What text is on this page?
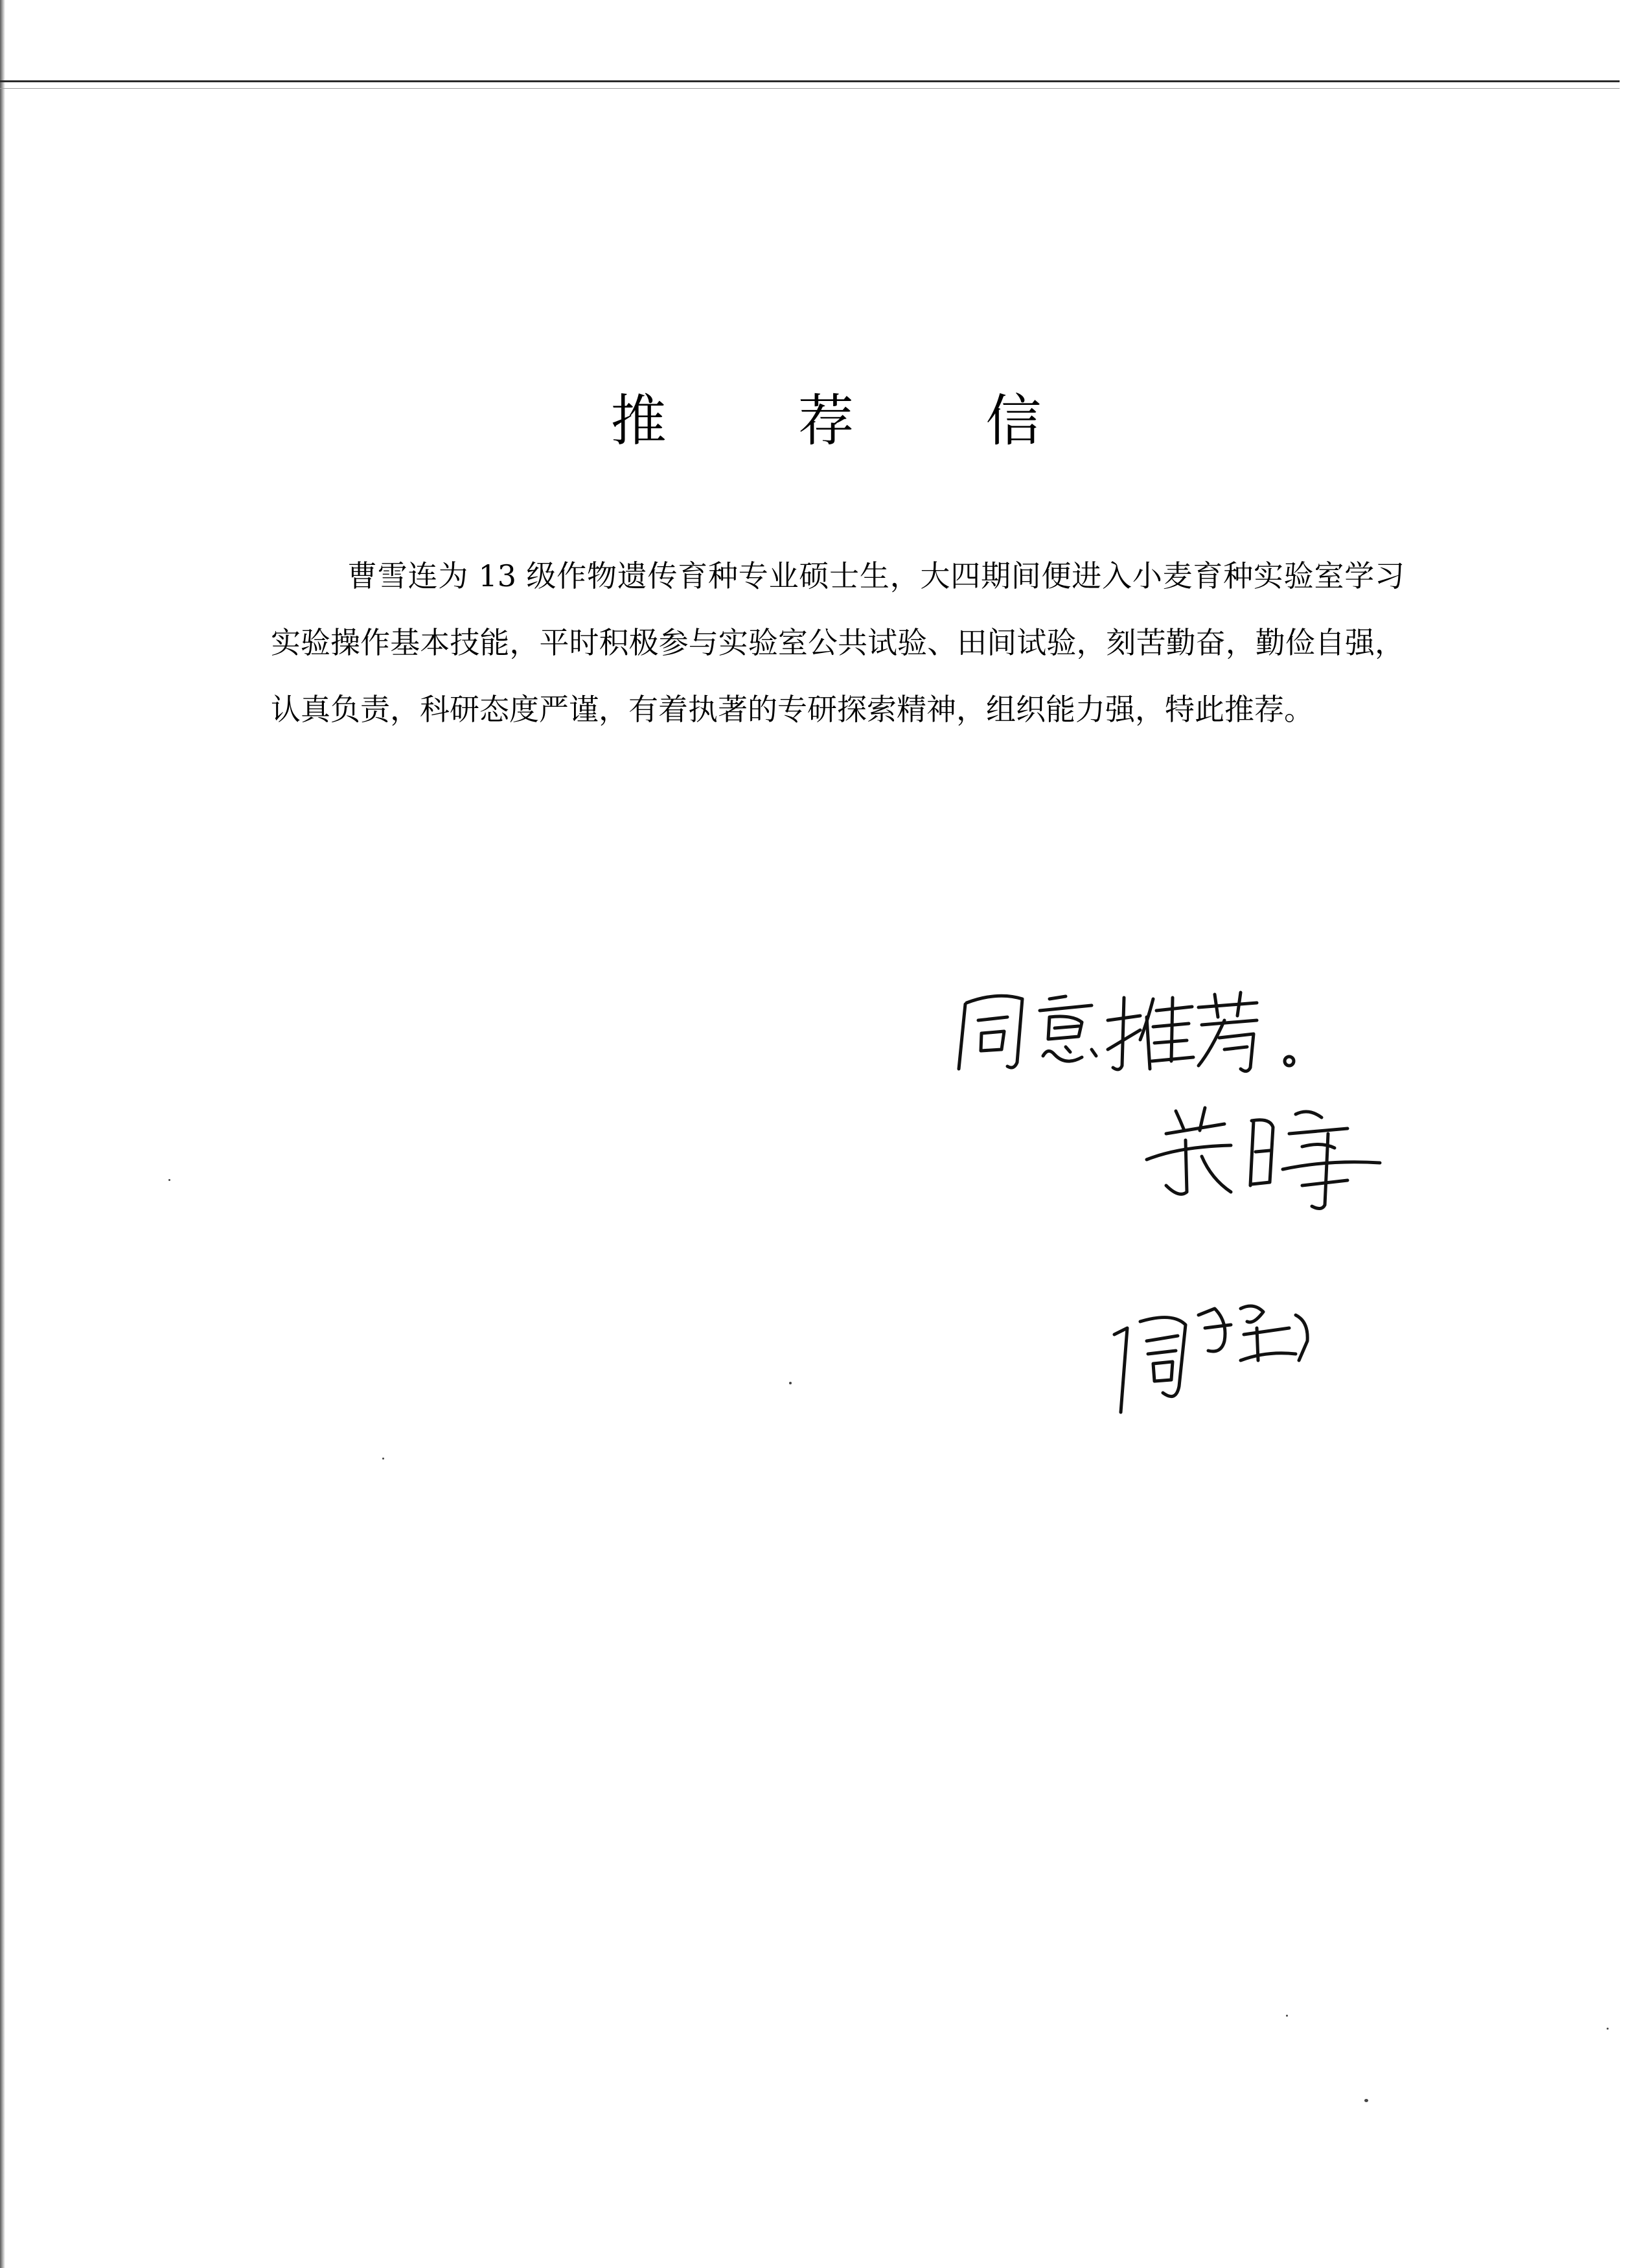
推 荐 信
曹雪连为 13 级作物遗传育种专业硕士生，大四期间便进入小麦育种实验室学习实验操作基本技能，平时积极参与实验室公共试验、田间试验，刻苦勤奋，勤俭自强，认真负责，科研态度严谨，有着执著的专研探索精神，组织能力强，特此推荐。
